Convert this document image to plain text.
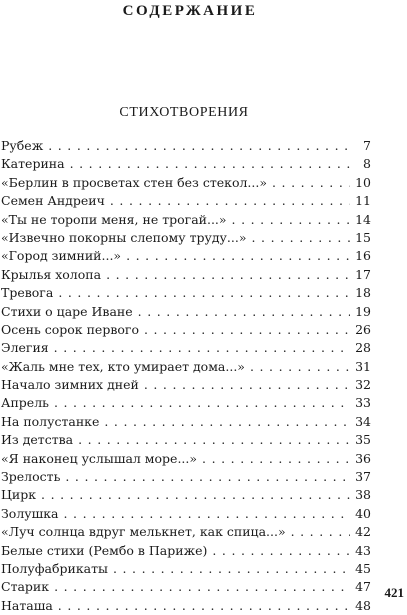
СОДЕРЖАНИЕ
СТИХОТВОРЕНИЯ
Рубеж . . .	7
Катерина . . .	8
«Берлин в просветах стен без стекол...» . . .	10
Семен Андреич . . .	11
«Ты не торопи меня, не трогай...» . . .	14
«Извечно покорны слепому труду...» . . .	15
«Город зимний...» . . .	16
Крылья холопа . . .	17
Тревога . . .	18
Стихи о царе Иване . . .	19
Осень сорок первого . . .	26
Элегия . . .	28
«Жаль мне тех, кто умирает дома...» . . .	31
Начало зимних дней . . .	32
Апрель . . .	33
На полустанке . . .	34
Из детства . . .	35
«Я наконец услышал море...» . . .	36
Зрелость . . .	37
Цирк . . .	38
Золушка . . .	40
«Луч солнца вдруг мелькнет, как спица...» . . .	42
Белые стихи (Рембо в Париже) . . .	43
Полуфабрикаты . . .	45
Старик . . .	47
Наташа . . .	48
421
